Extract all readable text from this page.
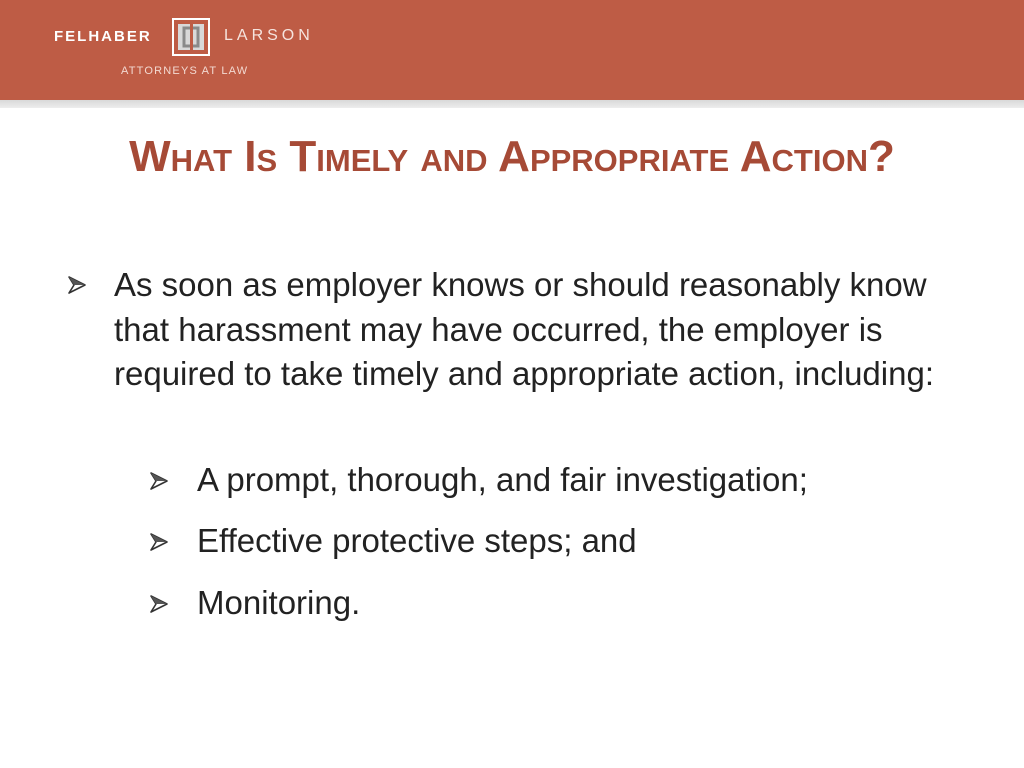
FELHABER	LARSON
ATTORNEYS AT LAW
What Is Timely and Appropriate Action?
As soon as employer knows or should reasonably know that harassment may have occurred, the employer is required to take timely and appropriate action, including:
A prompt, thorough, and fair investigation;
Effective protective steps; and
Monitoring.
